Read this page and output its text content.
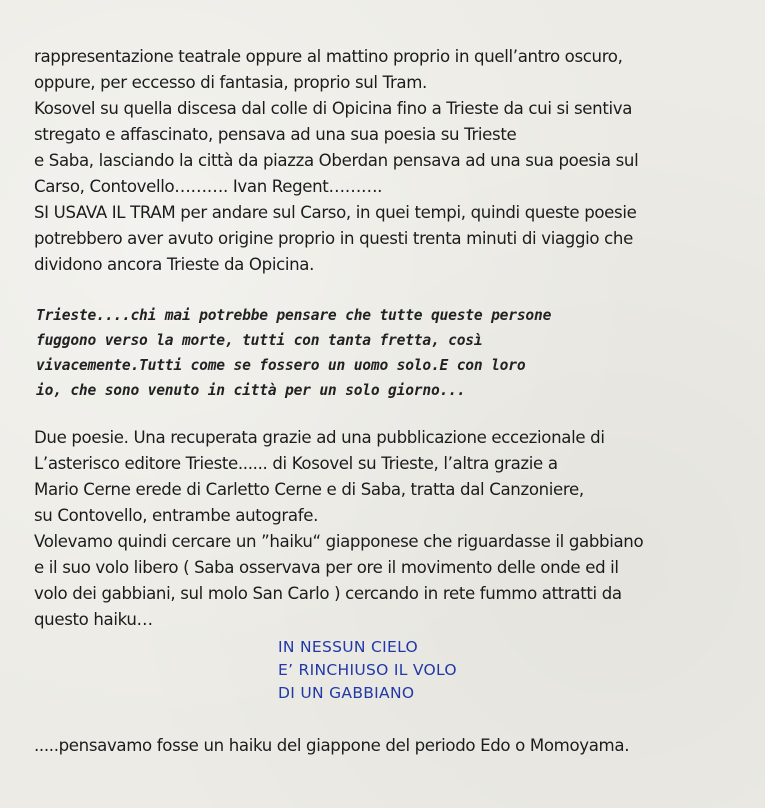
rappresentazione teatrale oppure al mattino proprio in quell’antro oscuro,
oppure, per eccesso di fantasia, proprio sul Tram.
Kosovel su quella discesa dal colle di Opicina fino a Trieste da cui si sentiva
stregato e affascinato, pensava ad una sua poesia su Trieste
e Saba, lasciando la città da piazza Oberdan pensava ad una sua poesia sul
Carso, Contovello………. Ivan Regent……….
SI USAVA IL TRAM per andare sul Carso, in quei tempi, quindi queste poesie
potrebbero aver avuto origine proprio in questi trenta minuti di viaggio che
dividono ancora Trieste da Opicina.

Trieste....chi mai potrebbe pensare che tutte queste persone
fuggono verso la morte, tutti con tanta fretta, così
vivacemente.Tutti come se fossero un uomo solo.E con loro
io, che sono venuto in città per un solo giorno...

Due poesie. Una recuperata grazie ad una pubblicazione eccezionale di
L’asterisco editore Trieste...... di Kosovel su Trieste, l’altra grazie a
Mario Cerne erede di Carletto Cerne e di Saba, tratta dal Canzoniere,
su Contovello, entrambe autografe.
Volevamo quindi cercare un ”haiku“ giapponese che riguardasse il gabbiano
e il suo volo libero ( Saba osservava per ore il movimento delle onde ed il
volo dei gabbiani, sul molo San Carlo ) cercando in rete fummo attratti da
questo haiku…

IN NESSUN CIELO
E’ RINCHIUSO IL VOLO
DI UN GABBIANO

.....pensavamo fosse un haiku del giappone del periodo Edo o Momoyama.
